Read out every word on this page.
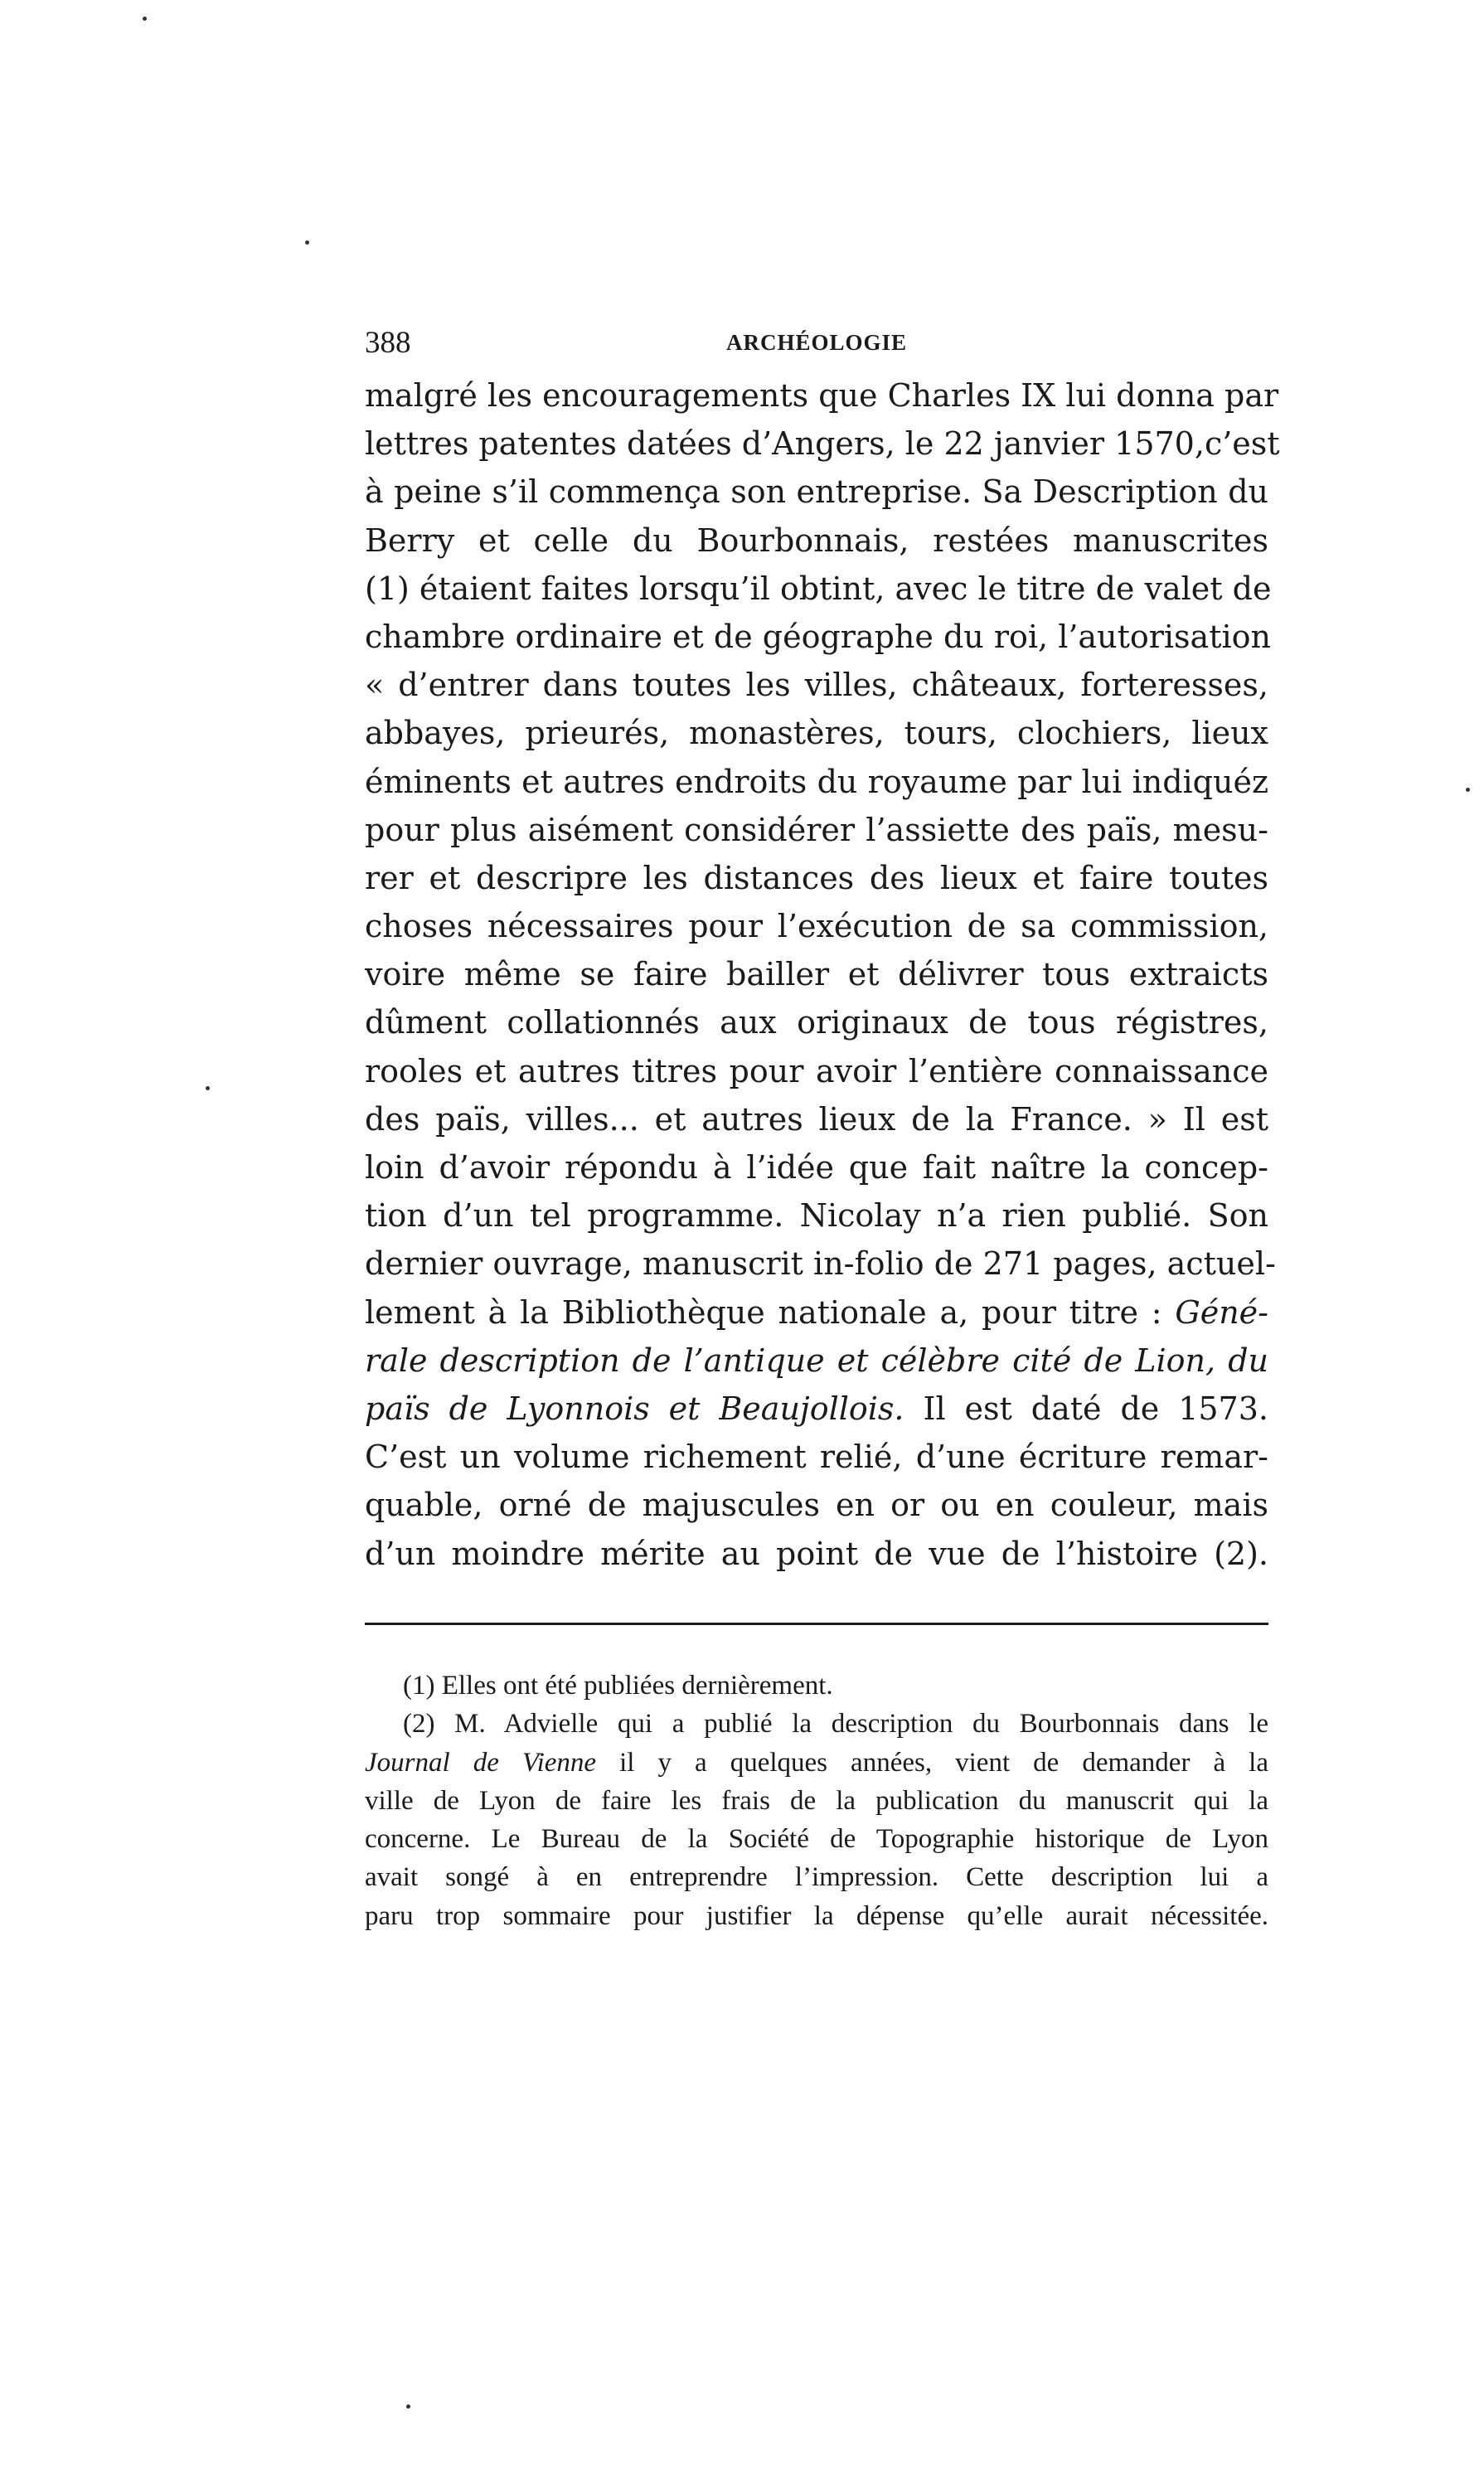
388	ARCHÉOLOGIE
malgré les encouragements que Charles IX lui donna par
lettres patentes datées d’Angers, le 22 janvier 1570,c’est
à peine s’il commença son entreprise. Sa Description du
Berry et celle du Bourbonnais, restées manuscrites
(1) étaient faites lorsqu’il obtint, avec le titre de valet de
chambre ordinaire et de géographe du roi, l’autorisation
« d’entrer dans toutes les villes, châteaux, forteresses,
abbayes, prieurés, monastères, tours, clochiers, lieux
éminents et autres endroits du royaume par lui indiquéz
pour plus aisément considérer l’assiette des païs, mesu-
rer et descripre les distances des lieux et faire toutes
choses nécessaires pour l’exécution de sa commission,
voire même se faire bailler et délivrer tous extraicts
dûment collationnés aux originaux de tous régistres,
rooles et autres titres pour avoir l’entière connaissance
des païs, villes... et autres lieux de la France. » Il est
loin d’avoir répondu à l’idée que fait naître la concep-
tion d’un tel programme. Nicolay n’a rien publié. Son
dernier ouvrage, manuscrit in-folio de 271 pages, actuel-
lement à la Bibliothèque nationale a, pour titre : Géné-
rale description de l’antique et célèbre cité de Lion, du
païs de Lyonnois et Beaujollois. Il est daté de 1573.
C’est un volume richement relié, d’une écriture remar-
quable, orné de majuscules en or ou en couleur, mais
d’un moindre mérite au point de vue de l’histoire (2).
(1) Elles ont été publiées dernièrement.
(2) M. Advielle qui a publié la description du Bourbonnais dans le
Journal de Vienne il y a quelques années, vient de demander à la
ville de Lyon de faire les frais de la publication du manuscrit qui la
concerne. Le Bureau de la Société de Topographie historique de Lyon
avait songé à en entreprendre l’impression. Cette description lui a
paru trop sommaire pour justifier la dépense qu’elle aurait nécessitée.
